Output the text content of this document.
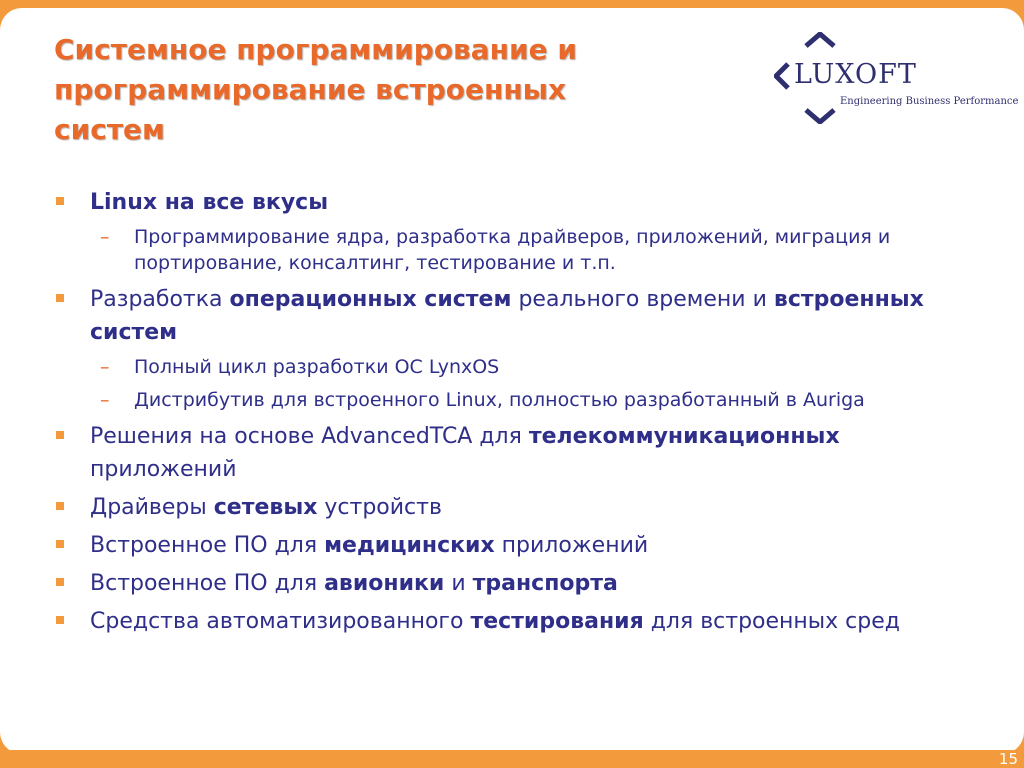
15
Системное программирование и программирование встроенных систем
LUXOFT
Engineering Business Performance
Linux на все вкусы
– Программирование ядра, разработка драйверов, приложений, миграция и портирование, консалтинг, тестирование и т.п.
Разработка операционных систем реального времени и встроенных систем
– Полный цикл разработки ОС LynxOS
– Дистрибутив для встроенного Linux, полностью разработанный в Auriga
Решения на основе AdvancedTCA для телекоммуникационных приложений
Драйверы сетевых устройств
Встроенное ПО для медицинских приложений
Встроенное ПО для авионики и транспорта
Средства автоматизированного тестирования для встроенных сред
